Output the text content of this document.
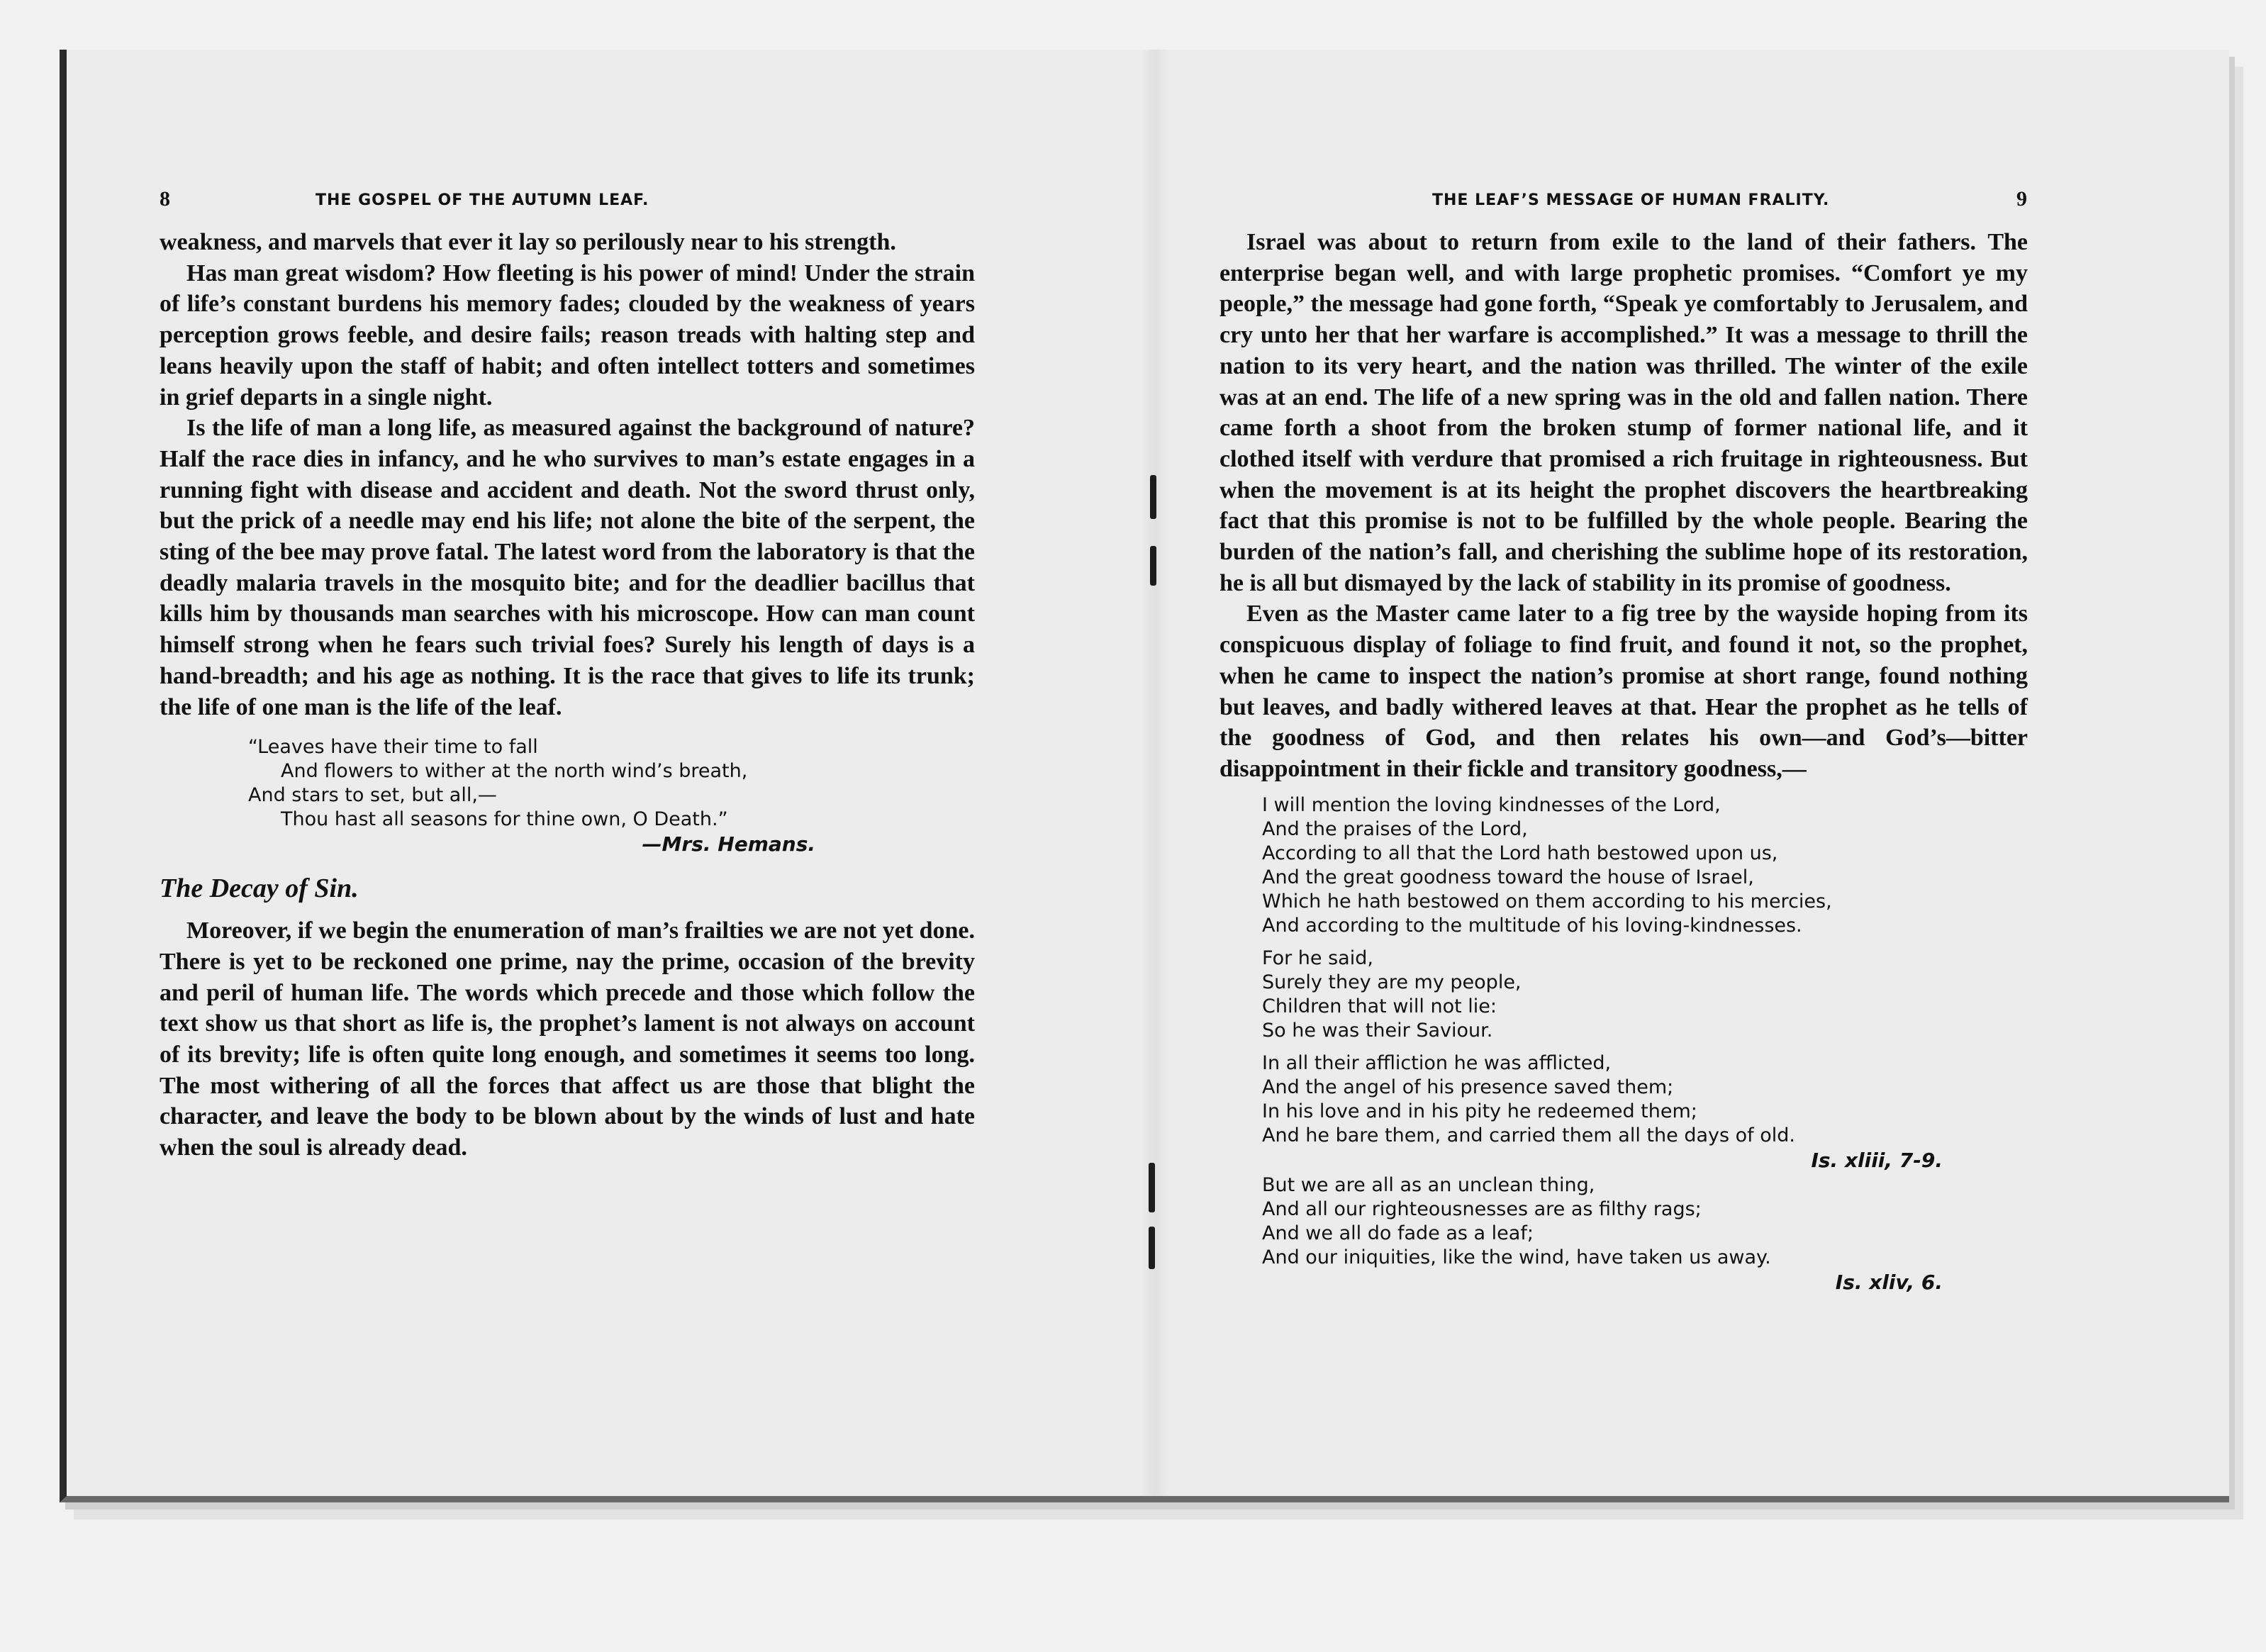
8	THE GOSPEL OF THE AUTUMN LEAF.

weakness, and marvels that ever it lay so perilously near to his strength.

Has man great wisdom? How fleeting is his power of mind! Under the strain of life’s constant burdens his memory fades; clouded by the weakness of years perception grows feeble, and desire fails; reason treads with halting step and leans heavily upon the staff of habit; and often intellect totters and sometimes in grief departs in a single night.

Is the life of man a long life, as measured against the background of nature? Half the race dies in infancy, and he who survives to man’s estate engages in a running fight with disease and accident and death. Not the sword thrust only, but the prick of a needle may end his life; not alone the bite of the serpent, the sting of the bee may prove fatal. The latest word from the laboratory is that the deadly malaria travels in the mosquito bite; and for the deadlier bacillus that kills him by thousands man searches with his microscope. How can man count himself strong when he fears such trivial foes? Surely his length of days is a hand-breadth; and his age as nothing. It is the race that gives to life its trunk; the life of one man is the life of the leaf.

“Leaves have their time to fall
And flowers to wither at the north wind’s breath,
And stars to set, but all,—
Thou hast all seasons for thine own, O Death.”
—Mrs. Hemans.
The Decay of Sin.

Moreover, if we begin the enumeration of man’s frailties we are not yet done. There is yet to be reckoned one prime, nay the prime, occasion of the brevity and peril of human life. The words which precede and those which follow the text show us that short as life is, the prophet’s lament is not always on account of its brevity; life is often quite long enough, and sometimes it seems too long. The most withering of all the forces that affect us are those that blight the character, and leave the body to be blown about by the winds of lust and hate when the soul is already dead.

THE LEAF’S MESSAGE OF HUMAN FRALITY.	9

Israel was about to return from exile to the land of their fathers. The enterprise began well, and with large prophetic promises. “Comfort ye my people,” the message had gone forth, “Speak ye comfortably to Jerusalem, and cry unto her that her warfare is accomplished.” It was a message to thrill the nation to its very heart, and the nation was thrilled. The winter of the exile was at an end. The life of a new spring was in the old and fallen nation. There came forth a shoot from the broken stump of former national life, and it clothed itself with verdure that promised a rich fruitage in righteousness. But when the movement is at its height the prophet discovers the heartbreaking fact that this promise is not to be fulfilled by the whole people. Bearing the burden of the nation’s fall, and cherishing the sublime hope of its restoration, he is all but dismayed by the lack of stability in its promise of goodness.

Even as the Master came later to a fig tree by the wayside hoping from its conspicuous display of foliage to find fruit, and found it not, so the prophet, when he came to inspect the nation’s promise at short range, found nothing but leaves, and badly withered leaves at that. Hear the prophet as he tells of the goodness of God, and then relates his own—and God’s—bitter disappointment in their fickle and transitory goodness,—

I will mention the loving kindnesses of the Lord,
And the praises of the Lord,
According to all that the Lord hath bestowed upon us,
And the great goodness toward the house of Israel,
Which he hath bestowed on them according to his mercies,
And according to the multitude of his loving-kindnesses.
For he said,
Surely they are my people,
Children that will not lie:
So he was their Saviour.
In all their affliction he was afflicted,
And the angel of his presence saved them;
In his love and in his pity he redeemed them;
And he bare them, and carried them all the days of old.
Is. xliii, 7-9.
But we are all as an unclean thing,
And all our righteousnesses are as filthy rags;
And we all do fade as a leaf;
And our iniquities, like the wind, have taken us away.
Is. xliv, 6.
